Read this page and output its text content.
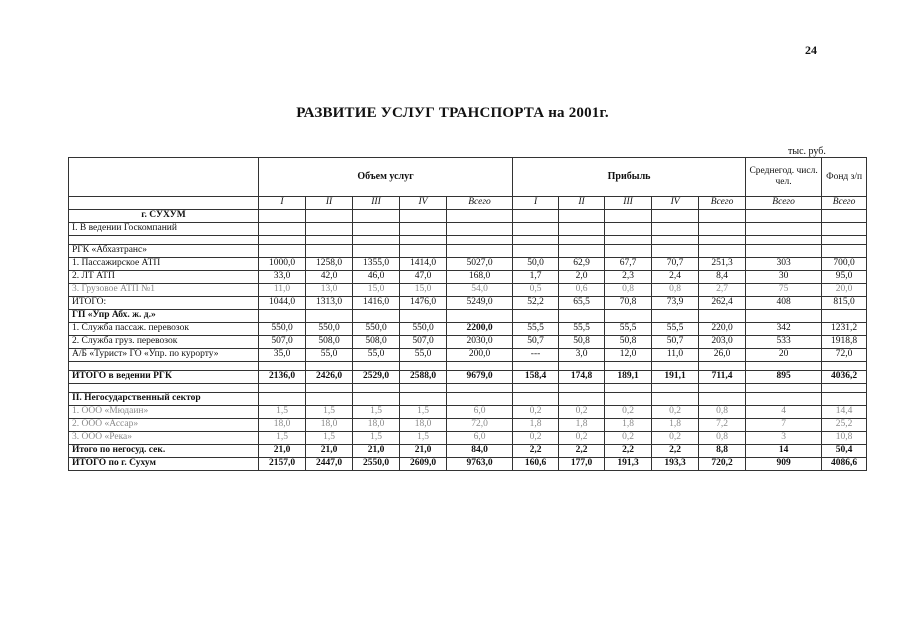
24
РАЗВИТИЕ УСЛУГ ТРАНСПОРТА на 2001г.
тыс. руб.
	Объем услуг					Прибыль					Среднегод. числ. чел.	Фонд з/п
	I	II	III	IV	Всего	I	II	III	IV	Всего	Всего	Всего
г. СУХУМ												
I. В ведении Госкомпаний												

РГК «Абхазтранс»												
1. Пассажирское АТП	1000,0	1258,0	1355,0	1414,0	5027,0	50,0	62,9	67,7	70,7	251,3	303	700,0
2. ЛТ АТП	33,0	42,0	46,0	47,0	168,0	1,7	2,0	2,3	2,4	8,4	30	95,0
3. Грузовое АТП №1	11,0	13,0	15,0	15,0	54,0	0,5	0,6	0,8	0,8	2,7	75	20,0
ИТОГО:	1044,0	1313,0	1416,0	1476,0	5249,0	52,2	65,5	70,8	73,9	262,4	408	815,0
ГП «Упр Абх. ж. д.»												
1. Служба пассаж. перевозок	550,0	550,0	550,0	550,0	2200,0	55,5	55,5	55,5	55,5	220,0	342	1231,2
2. Служба груз. перевозок	507,0	508,0	508,0	507,0	2030,0	50,7	50,8	50,8	50,7	203,0	533	1918,8
А/Б «Турист» ГО «Упр. по курорту»	35,0	55,0	55,0	55,0	200,0	---	3,0	12,0	11,0	26,0	20	72,0

ИТОГО в ведении РГК	2136,0	2426,0	2529,0	2588,0	9679,0	158,4	174,8	189,1	191,1	711,4	895	4036,2

II. Негосударственный сектор												
1. ООО «Мюдаин»	1,5	1,5	1,5	1,5	6,0	0,2	0,2	0,2	0,2	0,8	4	14,4
2. ООО «Ассар»	18,0	18,0	18,0	18,0	72,0	1,8	1,8	1,8	1,8	7,2	7	25,2
3. ООО «Река»	1,5	1,5	1,5	1,5	6,0	0,2	0,2	0,2	0,2	0,8	3	10,8
Итого по негосуд. сек.	21,0	21,0	21,0	21,0	84,0	2,2	2,2	2,2	2,2	8,8	14	50,4
ИТОГО по г. Сухум	2157,0	2447,0	2550,0	2609,0	9763,0	160,6	177,0	191,3	193,3	720,2	909	4086,6
